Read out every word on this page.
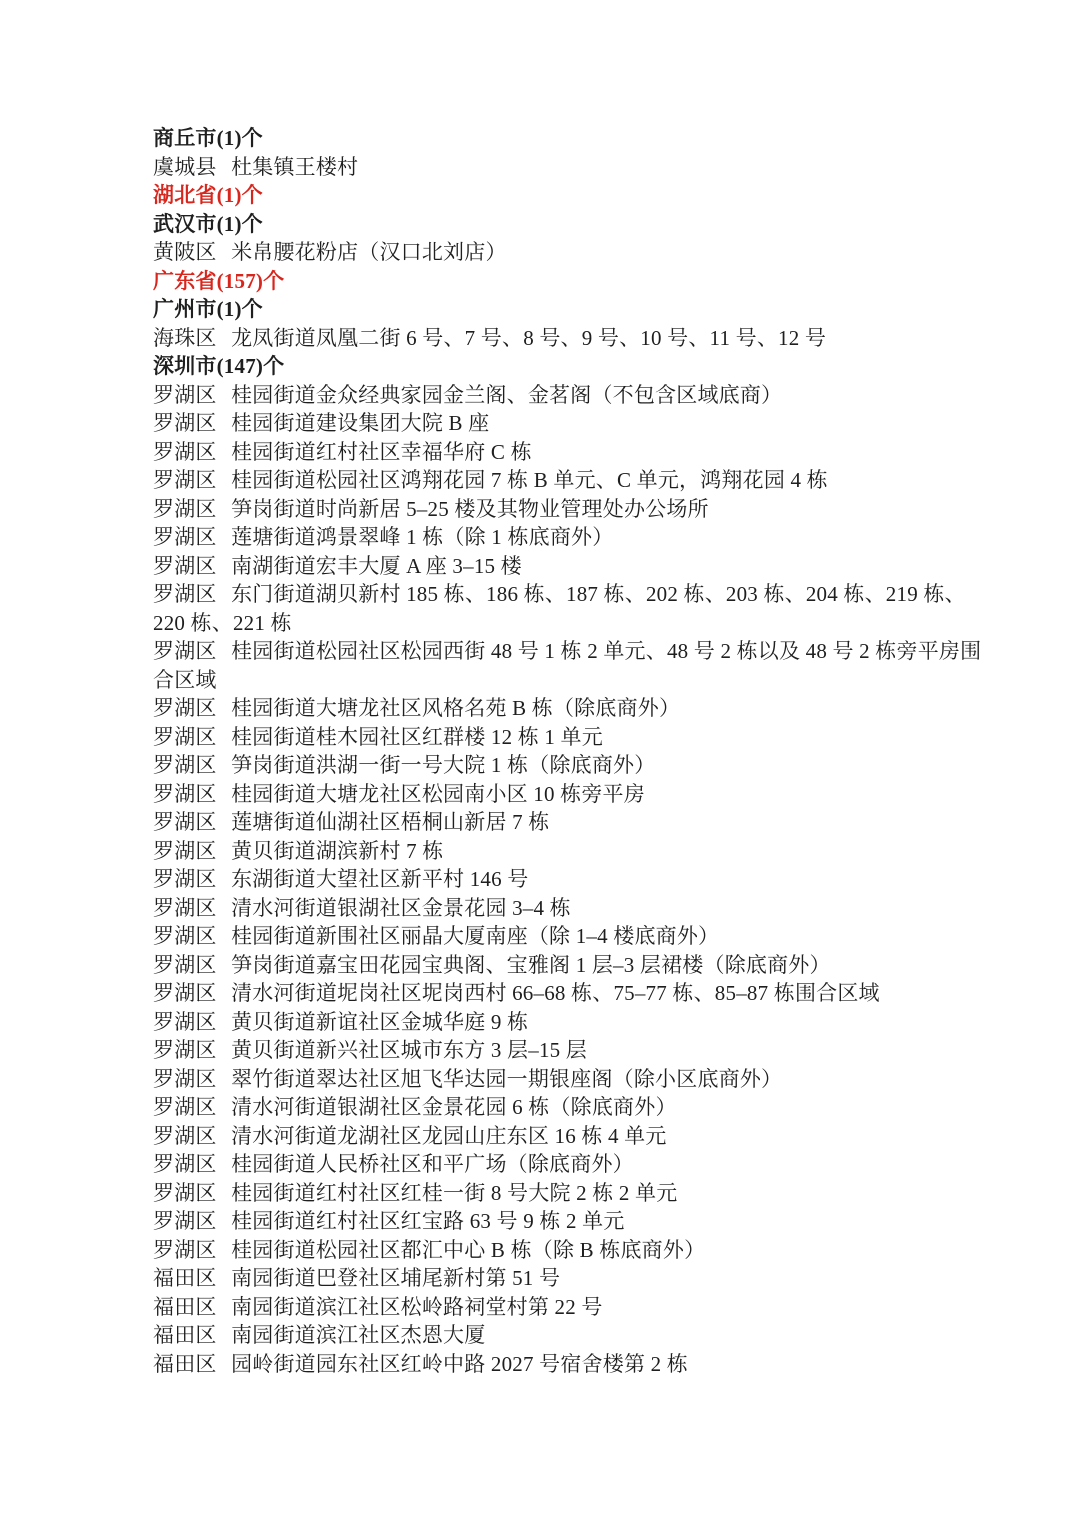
商丘市(1)个
虞城县 杜集镇王楼村
湖北省(1)个
武汉市(1)个
黄陂区 米帛腰花粉店（汉口北刘店）
广东省(157)个
广州市(1)个
海珠区 龙凤街道凤凰二街 6 号、7 号、8 号、9 号、10 号、11 号、12 号
深圳市(147)个
罗湖区 桂园街道金众经典家园金兰阁、金茗阁（不包含区域底商）
罗湖区 桂园街道建设集团大院 B 座
罗湖区 桂园街道红村社区幸福华府 C 栋
罗湖区 桂园街道松园社区鸿翔花园 7 栋 B 单元、C 单元，鸿翔花园 4 栋
罗湖区 笋岗街道时尚新居 5–25 楼及其物业管理处办公场所
罗湖区 莲塘街道鸿景翠峰 1 栋（除 1 栋底商外）
罗湖区 南湖街道宏丰大厦 A 座 3–15 楼
罗湖区 东门街道湖贝新村 185 栋、186 栋、187 栋、202 栋、203 栋、204 栋、219 栋、220 栋、221 栋
罗湖区 桂园街道松园社区松园西街 48 号 1 栋 2 单元、48 号 2 栋以及 48 号 2 栋旁平房围合区域
罗湖区 桂园街道大塘龙社区风格名苑 B 栋（除底商外）
罗湖区 桂园街道桂木园社区红群楼 12 栋 1 单元
罗湖区 笋岗街道洪湖一街一号大院 1 栋（除底商外）
罗湖区 桂园街道大塘龙社区松园南小区 10 栋旁平房
罗湖区 莲塘街道仙湖社区梧桐山新居 7 栋
罗湖区 黄贝街道湖滨新村 7 栋
罗湖区 东湖街道大望社区新平村 146 号
罗湖区 清水河街道银湖社区金景花园 3–4 栋
罗湖区 桂园街道新围社区丽晶大厦南座（除 1–4 楼底商外）
罗湖区 笋岗街道嘉宝田花园宝典阁、宝雅阁 1 层–3 层裙楼（除底商外）
罗湖区 清水河街道坭岗社区坭岗西村 66–68 栋、75–77 栋、85–87 栋围合区域
罗湖区 黄贝街道新谊社区金城华庭 9 栋
罗湖区 黄贝街道新兴社区城市东方 3 层–15 层
罗湖区 翠竹街道翠达社区旭飞华达园一期银座阁（除小区底商外）
罗湖区 清水河街道银湖社区金景花园 6 栋（除底商外）
罗湖区 清水河街道龙湖社区龙园山庄东区 16 栋 4 单元
罗湖区 桂园街道人民桥社区和平广场（除底商外）
罗湖区 桂园街道红村社区红桂一街 8 号大院 2 栋 2 单元
罗湖区 桂园街道红村社区红宝路 63 号 9 栋 2 单元
罗湖区 桂园街道松园社区都汇中心 B 栋（除 B 栋底商外）
福田区 南园街道巴登社区埔尾新村第 51 号
福田区 南园街道滨江社区松岭路祠堂村第 22 号
福田区 南园街道滨江社区杰恩大厦
福田区 园岭街道园东社区红岭中路 2027 号宿舍楼第 2 栋
